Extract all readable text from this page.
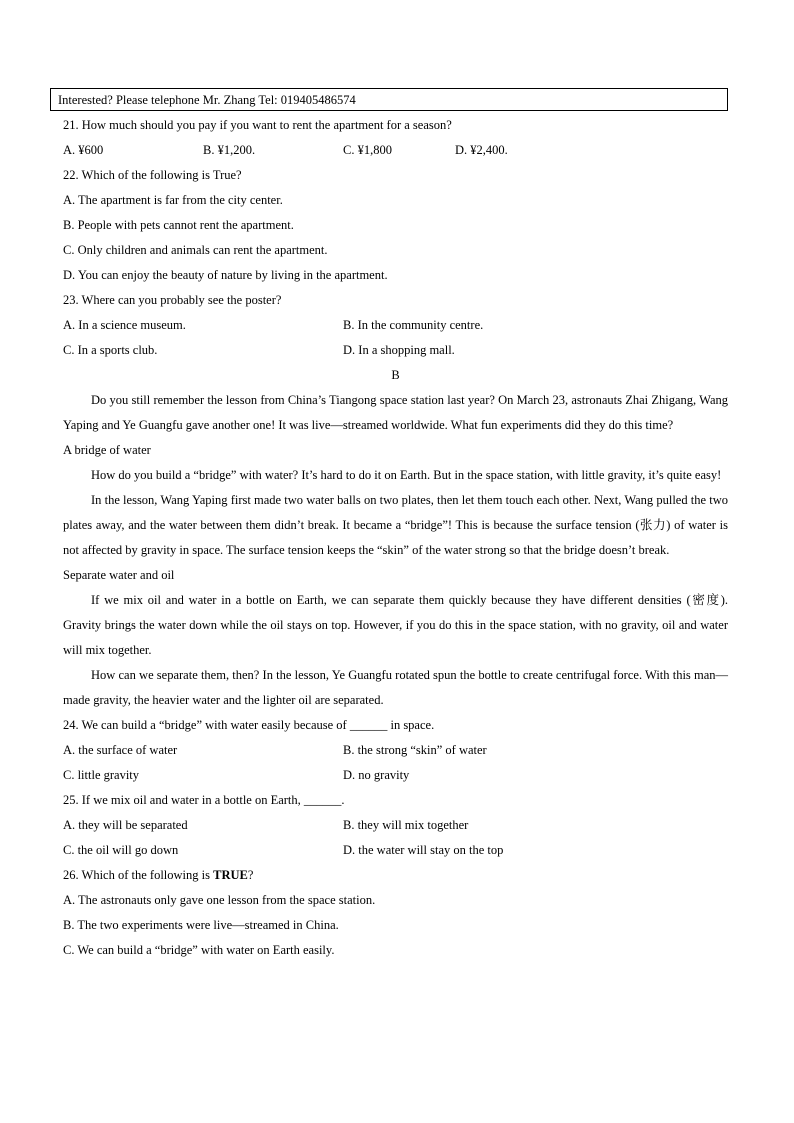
Interested? Please telephone Mr. Zhang Tel: 019405486574
21. How much should you pay if you want to rent the apartment for a season?
A. ¥600	B. ¥1,200.	C. ¥1,800	D. ¥2,400.
22. Which of the following is True?
A. The apartment is far from the city center.
B. People with pets cannot rent the apartment.
C. Only children and animals can rent the apartment.
D. You can enjoy the beauty of nature by living in the apartment.
23. Where can you probably see the poster?
A. In a science museum.	B. In the community centre.
C. In a sports club.	D. In a shopping mall.
B
Do you still remember the lesson from China’s Tiangong space station last year? On March 23, astronauts Zhai Zhigang, Wang Yaping and Ye Guangfu gave another one! It was live—streamed worldwide. What fun experiments did they do this time?
A bridge of water
How do you build a “bridge” with water? It’s hard to do it on Earth. But in the space station, with little gravity, it’s quite easy!
In the lesson, Wang Yaping first made two water balls on two plates, then let them touch each other. Next, Wang pulled the two plates away, and the water between them didn’t break. It became a “bridge”! This is because the surface tension (张力) of water is not affected by gravity in space. The surface tension keeps the “skin” of the water strong so that the bridge doesn’t break.
Separate water and oil
If we mix oil and water in a bottle on Earth, we can separate them quickly because they have different densities (密度). Gravity brings the water down while the oil stays on top. However, if you do this in the space station, with no gravity, oil and water will mix together.
How can we separate them, then? In the lesson, Ye Guangfu rotated spun the bottle to create centrifugal force. With this man—made gravity, the heavier water and the lighter oil are separated.
24. We can build a “bridge” with water easily because of ______ in space.
A. the surface of water	B. the strong “skin” of water
C. little gravity	D. no gravity
25. If we mix oil and water in a bottle on Earth, ______.
A. they will be separated	B. they will mix together
C. the oil will go down	D. the water will stay on the top
26. Which of the following is TRUE?
A. The astronauts only gave one lesson from the space station.
B. The two experiments were live—streamed in China.
C. We can build a “bridge” with water on Earth easily.
